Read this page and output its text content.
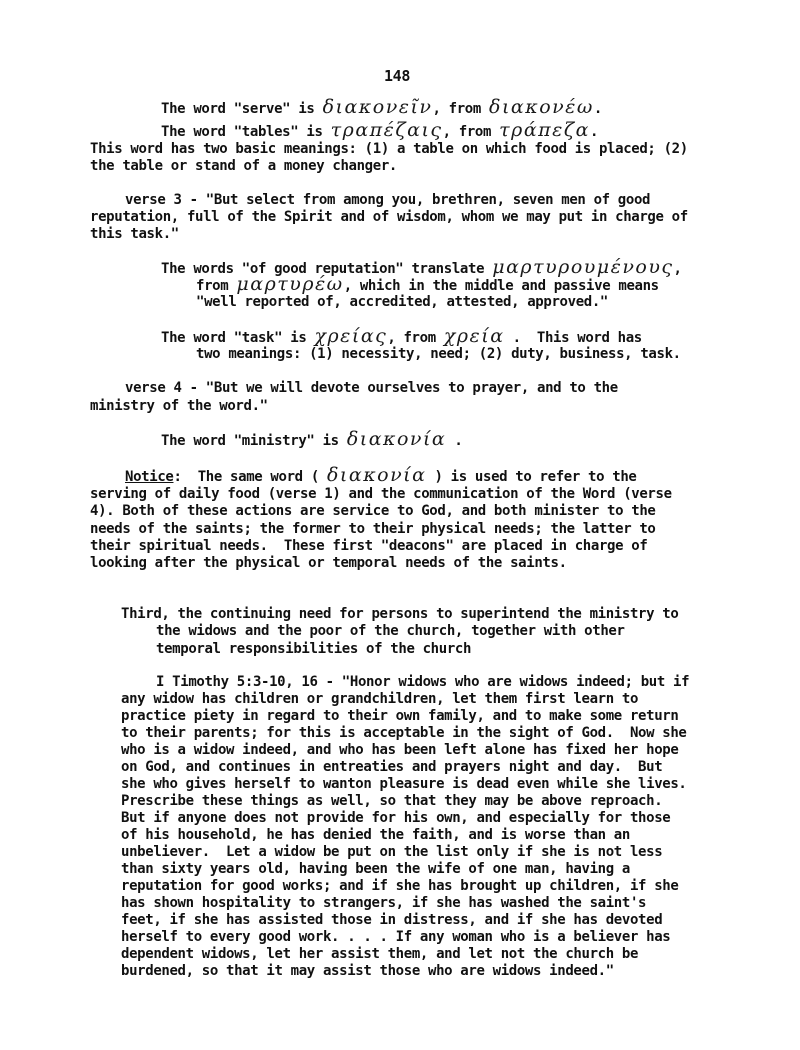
148
The word "serve" is διακονεῖν, from διακονέω.
The word "tables" is τραπέζαις, from τράπεζα.
This word has two basic meanings: (1) a table on which food is placed; (2)
the table or stand of a money changer.
verse 3 - "But select from among you, brethren, seven men of good
reputation, full of the Spirit and of wisdom, whom we may put in charge of
this task."
The words "of good reputation" translate μαρτυρουμένους,
from μαρτυρέω, which in the middle and passive means
"well reported of, accredited, attested, approved."
The word "task" is χρείας, from χρεία .  This word has
two meanings: (1) necessity, need; (2) duty, business, task.
verse 4 - "But we will devote ourselves to prayer, and to the
ministry of the word."
The word "ministry" is διακονία .
Notice:  The same word ( διακονία ) is used to refer to the
serving of daily food (verse 1) and the communication of the Word (verse
4). Both of these actions are service to God, and both minister to the
needs of the saints; the former to their physical needs; the latter to
their spiritual needs.  These first "deacons" are placed in charge of
looking after the physical or temporal needs of the saints.
Third, the continuing need for persons to superintend the ministry to
the widows and the poor of the church, together with other
temporal responsibilities of the church
I Timothy 5:3-10, 16 - "Honor widows who are widows indeed; but if
any widow has children or grandchildren, let them first learn to
practice piety in regard to their own family, and to make some return
to their parents; for this is acceptable in the sight of God.  Now she
who is a widow indeed, and who has been left alone has fixed her hope
on God, and continues in entreaties and prayers night and day.  But
she who gives herself to wanton pleasure is dead even while she lives.
Prescribe these things as well, so that they may be above reproach.
But if anyone does not provide for his own, and especially for those
of his household, he has denied the faith, and is worse than an
unbeliever.  Let a widow be put on the list only if she is not less
than sixty years old, having been the wife of one man, having a
reputation for good works; and if she has brought up children, if she
has shown hospitality to strangers, if she has washed the saint's
feet, if she has assisted those in distress, and if she has devoted
herself to every good work. . . . If any woman who is a believer has
dependent widows, let her assist them, and let not the church be
burdened, so that it may assist those who are widows indeed."
